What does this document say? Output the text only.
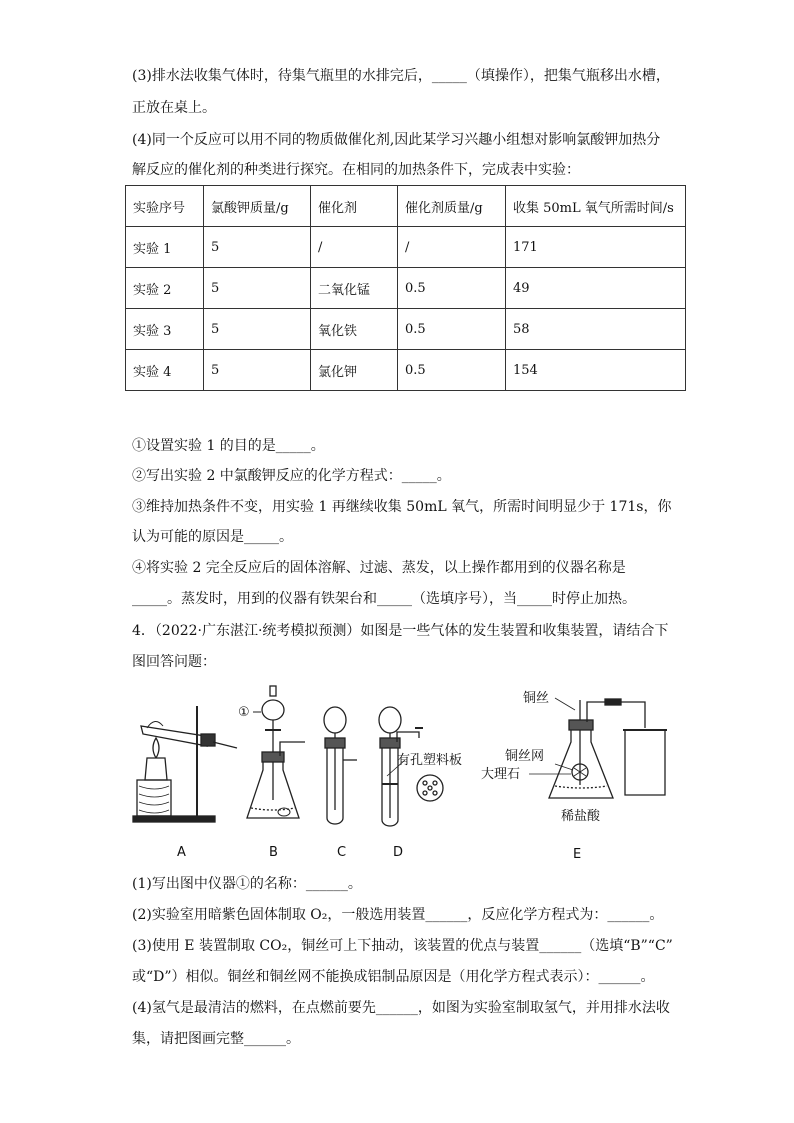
(3)排水法收集气体时，待集气瓶里的水排完后，_____（填操作），把集气瓶移出水槽，
正放在桌上。
(4)同一个反应可以用不同的物质做催化剂,因此某学习兴趣小组想对影响氯酸钾加热分
解反应的催化剂的种类进行探究。在相同的加热条件下，完成表中实验：
实验序号	氯酸钾质量/g	催化剂	催化剂质量/g	收集 50mL 氧气所需时间/s
实验 1	5	/	/	171
实验 2	5	二氧化锰	0.5	49
实验 3	5	氧化铁	0.5	58
实验 4	5	氯化钾	0.5	154
①设置实验 1 的目的是_____。
②写出实验 2 中氯酸钾反应的化学方程式：_____。
③维持加热条件不变，用实验 1 再继续收集 50mL 氧气，所需时间明显少于 171s，你
认为可能的原因是_____。
④将实验 2 完全反应后的固体溶解、过滤、蒸发，以上操作都用到的仪器名称是
_____。蒸发时，用到的仪器有铁架台和_____（选填序号），当_____时停止加热。
4．（2022·广东湛江·统考模拟预测）如图是一些气体的发生装置和收集装置，请结合下
图回答问题：
A
①
B	C
有孔塑料板
D
铜丝
铜丝网
大理石
稀盐酸
E
(1)写出图中仪器①的名称：______。
(2)实验室用暗紫色固体制取 O₂，一般选用装置______，反应化学方程式为：______。
(3)使用 E 装置制取 CO₂，铜丝可上下抽动，该装置的优点与装置______（选填“B”“C”
或“D”）相似。铜丝和铜丝网不能换成铝制品原因是（用化学方程式表示）：______。
(4)氢气是最清洁的燃料，在点燃前要先______，如图为实验室制取氢气，并用排水法收
集，请把图画完整______。
